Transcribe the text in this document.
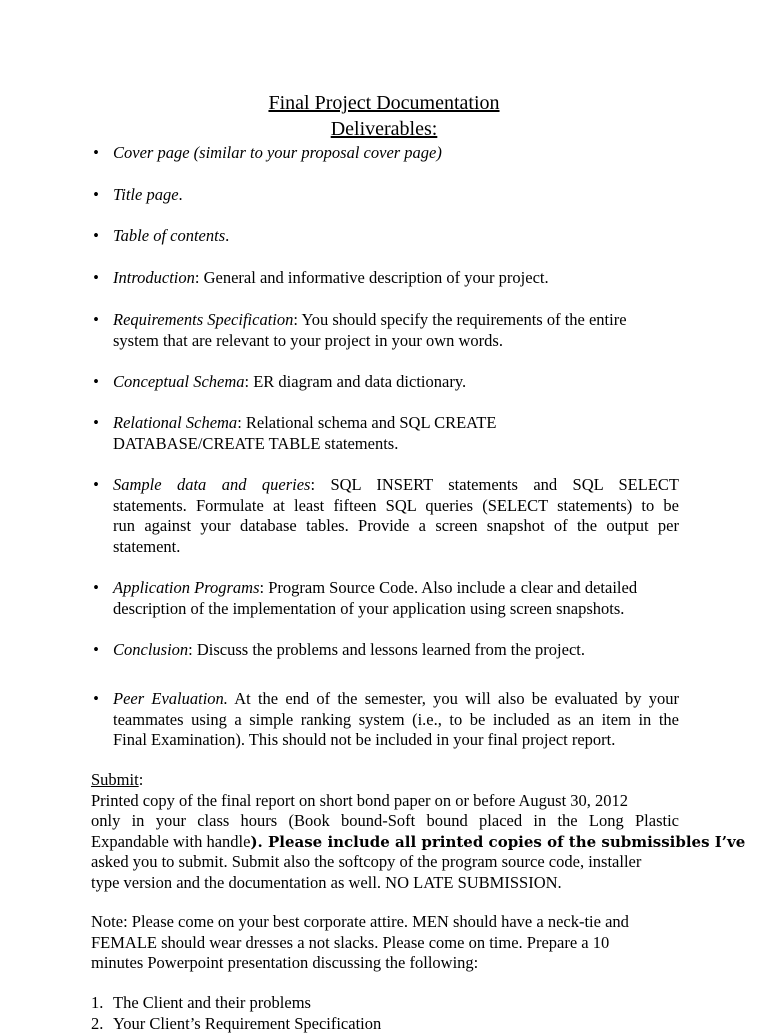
Final Project Documentation
Deliverables:
• Cover page (similar to your proposal cover page)
• Title page.
• Table of contents.
• Introduction: General and informative description of your project.
• Requirements Specification: You should specify the requirements of the entire
system that are relevant to your project in your own words.
• Conceptual Schema: ER diagram and data dictionary.
• Relational Schema: Relational schema and SQL CREATE
DATABASE/CREATE TABLE statements.
• Sample data and queries: SQL INSERT statements and SQL SELECT
statements. Formulate at least fifteen SQL queries (SELECT statements) to be
run against your database tables. Provide a screen snapshot of the output per
statement.
• Application Programs: Program Source Code. Also include a clear and detailed
description of the implementation of your application using screen snapshots.
• Conclusion: Discuss the problems and lessons learned from the project.
• Peer Evaluation. At the end of the semester, you will also be evaluated by your
teammates using a simple ranking system (i.e., to be included as an item in the
Final Examination). This should not be included in your final project report.
Submit:
Printed copy of the final report on short bond paper on or before August 30, 2012
only in your class hours (Book bound-Soft bound placed in the Long Plastic
Expandable with handle). Please include all printed copies of the submissibles I’ve
asked you to submit. Submit also the softcopy of the program source code, installer
type version and the documentation as well. NO LATE SUBMISSION.
Note: Please come on your best corporate attire. MEN should have a neck-tie and
FEMALE should wear dresses a not slacks. Please come on time. Prepare a 10
minutes Powerpoint presentation discussing the following:
1. The Client and their problems
2. Your Client’s Requirement Specification
